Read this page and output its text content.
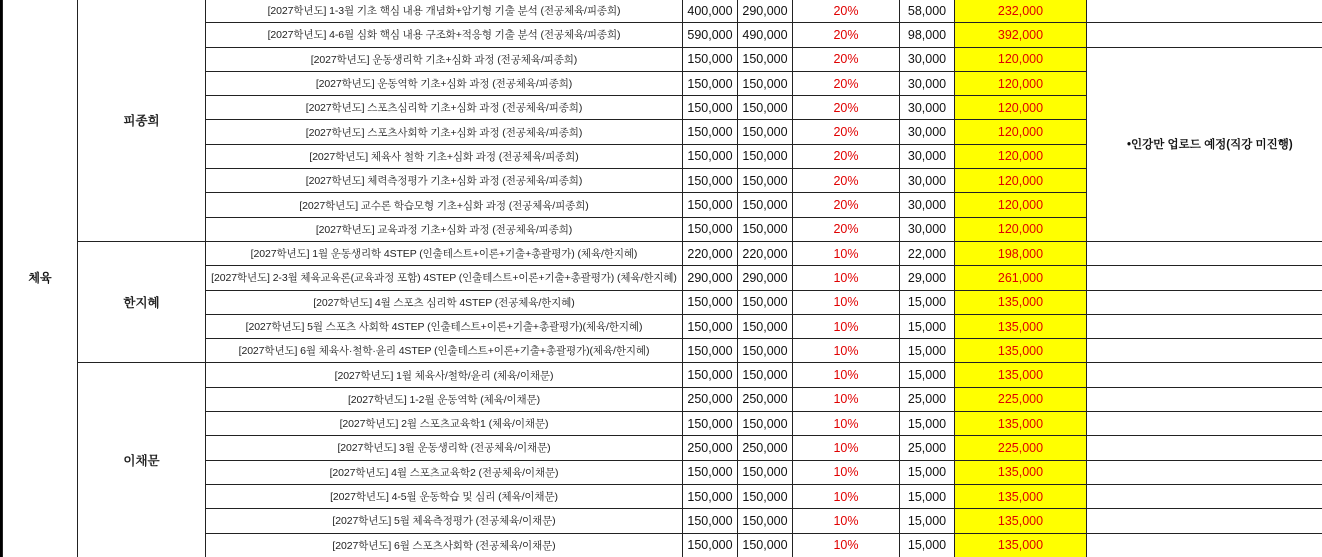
체육	피종희	[2027학년도] 1-3월 기초 핵심 내용 개념화+암기형 기출 분석 (전공체육/피종희)	400,000	290,000	20%	58,000	232,000	
		[2027학년도] 4-6월 심화 핵심 내용 구조화+적응형 기출 분석 (전공체육/피종희)	590,000	490,000	20%	98,000	392,000	
		[2027학년도] 운동생리학 기초+심화 과정 (전공체육/피종희)	150,000	150,000	20%	30,000	120,000	•인강만 업로드 예정(직강 미진행)
		[2027학년도] 운동역학 기초+심화 과정 (전공체육/피종희)	150,000	150,000	20%	30,000	120,000	
		[2027학년도] 스포츠심리학 기초+심화 과정 (전공체육/피종희)	150,000	150,000	20%	30,000	120,000	
		[2027학년도] 스포츠사회학 기초+심화 과정 (전공체육/피종희)	150,000	150,000	20%	30,000	120,000	
		[2027학년도] 체육사 철학 기초+심화 과정 (전공체육/피종희)	150,000	150,000	20%	30,000	120,000	
		[2027학년도] 체력측정평가 기초+심화 과정 (전공체육/피종희)	150,000	150,000	20%	30,000	120,000	
		[2027학년도] 교수론 학습모형 기초+심화 과정 (전공체육/피종희)	150,000	150,000	20%	30,000	120,000	
		[2027학년도] 교육과정 기초+심화 과정 (전공체육/피종희)	150,000	150,000	20%	30,000	120,000	
	한지혜	[2027학년도] 1월 운동생리학 4STEP (인출테스트+이론+기출+총괄평가) (체육/한지혜)	220,000	220,000	10%	22,000	198,000	
		[2027학년도] 2-3월 체육교육론(교육과정 포함) 4STEP (인출테스트+이론+기출+총괄평가) (체육/한지혜)	290,000	290,000	10%	29,000	261,000	
		[2027학년도] 4월 스포츠 심리학 4STEP (전공체육/한지혜)	150,000	150,000	10%	15,000	135,000	
		[2027학년도] 5월 스포츠 사회학 4STEP (인출테스트+이론+기출+총괄평가)(체육/한지혜)	150,000	150,000	10%	15,000	135,000	
		[2027학년도] 6월 체육사·철학·윤리 4STEP (인출테스트+이론+기출+총괄평가)(체육/한지혜)	150,000	150,000	10%	15,000	135,000	
	이채문	[2027학년도] 1월 체육사/철학/윤리 (체육/이채문)	150,000	150,000	10%	15,000	135,000	
		[2027학년도] 1-2월 운동역학 (체육/이채문)	250,000	250,000	10%	25,000	225,000	
		[2027학년도] 2월 스포츠교육학1 (체육/이채문)	150,000	150,000	10%	15,000	135,000	
		[2027학년도] 3월 운동생리학 (전공체육/이채문)	250,000	250,000	10%	25,000	225,000	
		[2027학년도] 4월 스포츠교육학2 (전공체육/이채문)	150,000	150,000	10%	15,000	135,000	
		[2027학년도] 4-5월 운동학습 및 심리 (체육/이채문)	150,000	150,000	10%	15,000	135,000	
		[2027학년도] 5월 체육측정평가 (전공체육/이채문)	150,000	150,000	10%	15,000	135,000	
		[2027학년도] 6월 스포츠사회학 (전공체육/이채문)	150,000	150,000	10%	15,000	135,000	
